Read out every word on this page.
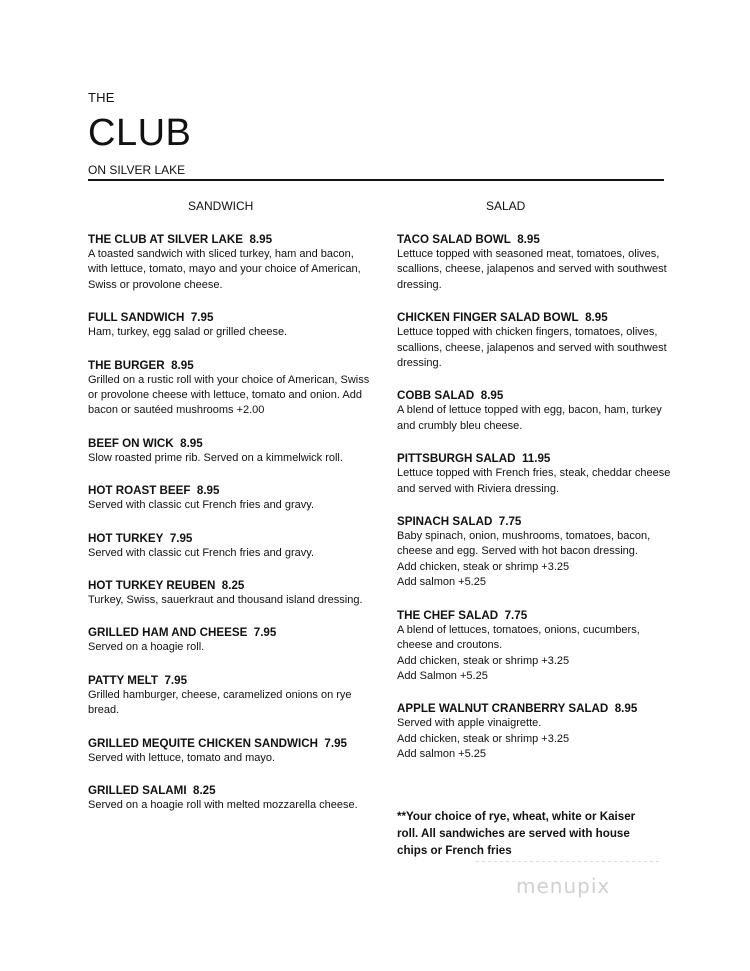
THE
CLUB
ON SILVER LAKE
SANDWICH	SALAD
THE CLUB AT SILVER LAKE 8.95
A toasted sandwich with sliced turkey, ham and bacon, with lettuce, tomato, mayo and your choice of American, Swiss or provolone cheese.
FULL SANDWICH 7.95
Ham, turkey, egg salad or grilled cheese.
THE BURGER 8.95
Grilled on a rustic roll with your choice of American, Swiss or provolone cheese with lettuce, tomato and onion. Add bacon or sautéed mushrooms +2.00
BEEF ON WICK 8.95
Slow roasted prime rib. Served on a kimmelwick roll.
HOT ROAST BEEF 8.95
Served with classic cut French fries and gravy.
HOT TURKEY 7.95
Served with classic cut French fries and gravy.
HOT TURKEY REUBEN 8.25
Turkey, Swiss, sauerkraut and thousand island dressing.
GRILLED HAM AND CHEESE 7.95
Served on a hoagie roll.
PATTY MELT 7.95
Grilled hamburger, cheese, caramelized onions on rye bread.
GRILLED MEQUITE CHICKEN SANDWICH 7.95
Served with lettuce, tomato and mayo.
GRILLED SALAMI 8.25
Served on a hoagie roll with melted mozzarella cheese.
TACO SALAD BOWL 8.95
Lettuce topped with seasoned meat, tomatoes, olives, scallions, cheese, jalapenos and served with southwest dressing.
CHICKEN FINGER SALAD BOWL 8.95
Lettuce topped with chicken fingers, tomatoes, olives, scallions, cheese, jalapenos and served with southwest dressing.
COBB SALAD 8.95
A blend of lettuce topped with egg, bacon, ham, turkey and crumbly bleu cheese.
PITTSBURGH SALAD 11.95
Lettuce topped with French fries, steak, cheddar cheese and served with Riviera dressing.
SPINACH SALAD 7.75
Baby spinach, onion, mushrooms, tomatoes, bacon, cheese and egg. Served with hot bacon dressing.
Add chicken, steak or shrimp +3.25
Add salmon +5.25
THE CHEF SALAD 7.75
A blend of lettuces, tomatoes, onions, cucumbers, cheese and croutons.
Add chicken, steak or shrimp +3.25
Add Salmon +5.25
APPLE WALNUT CRANBERRY SALAD 8.95
Served with apple vinaigrette.
Add chicken, steak or shrimp +3.25
Add salmon +5.25
**Your choice of rye, wheat, white or Kaiser roll. All sandwiches are served with house chips or French fries
menupix
